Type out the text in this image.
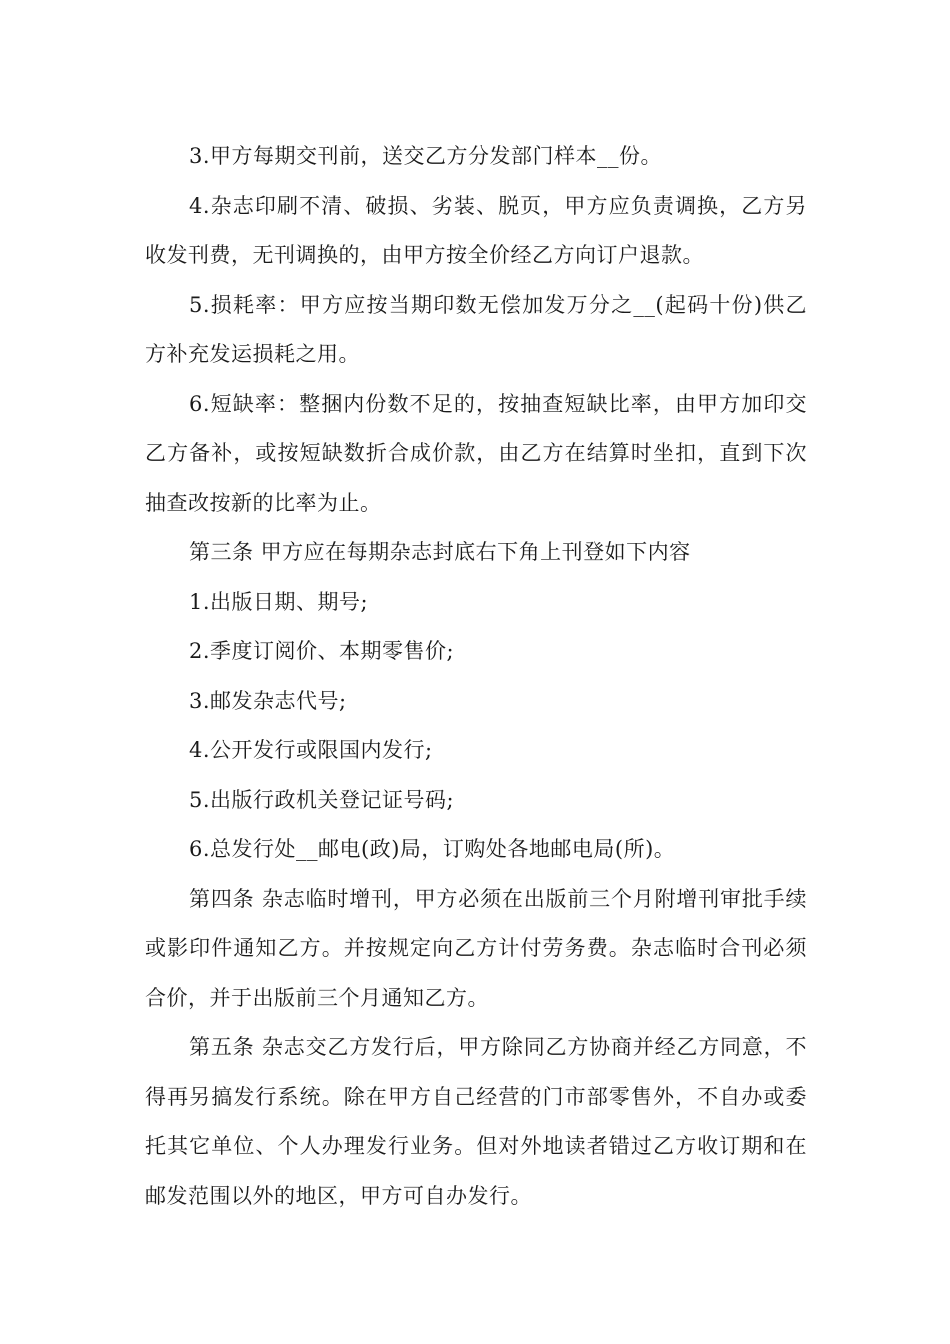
3.甲方每期交刊前，送交乙方分发部门样本__份。

4.杂志印刷不清、破损、劣装、脱页，甲方应负责调换，乙方另收发刊费，无刊调换的，由甲方按全价经乙方向订户退款。

5.损耗率：甲方应按当期印数无偿加发万分之__(起码十份)供乙方补充发运损耗之用。

6.短缺率：整捆内份数不足的，按抽查短缺比率，由甲方加印交乙方备补，或按短缺数折合成价款，由乙方在结算时坐扣，直到下次抽查改按新的比率为止。

第三条 甲方应在每期杂志封底右下角上刊登如下内容

1.出版日期、期号;

2.季度订阅价、本期零售价;

3.邮发杂志代号;

4.公开发行或限国内发行;

5.出版行政机关登记证号码;

6.总发行处__邮电(政)局，订购处各地邮电局(所)。

第四条 杂志临时增刊，甲方必须在出版前三个月附增刊审批手续或影印件通知乙方。并按规定向乙方计付劳务费。杂志临时合刊必须合价，并于出版前三个月通知乙方。

第五条 杂志交乙方发行后，甲方除同乙方协商并经乙方同意，不得再另搞发行系统。除在甲方自己经营的门市部零售外，不自办或委托其它单位、个人办理发行业务。但对外地读者错过乙方收订期和在邮发范围以外的地区，甲方可自办发行。
